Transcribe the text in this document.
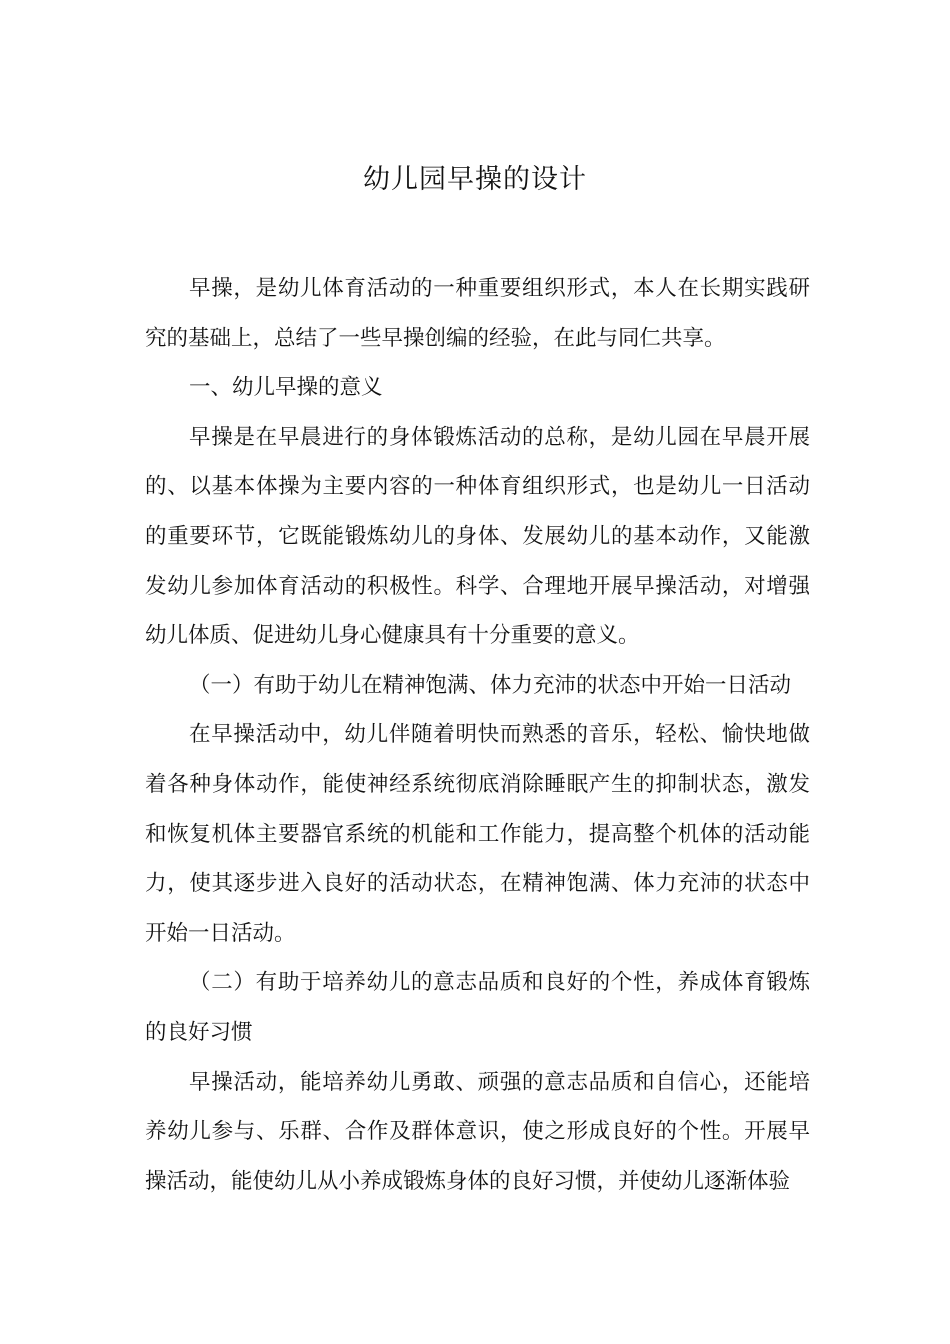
幼儿园早操的设计

早操，是幼儿体育活动的一种重要组织形式，本人在长期实践研究的基础上，总结了一些早操创编的经验，在此与同仁共享。

一、幼儿早操的意义

早操是在早晨进行的身体锻炼活动的总称，是幼儿园在早晨开展的、以基本体操为主要内容的一种体育组织形式，也是幼儿一日活动的重要环节，它既能锻炼幼儿的身体、发展幼儿的基本动作，又能激发幼儿参加体育活动的积极性。科学、合理地开展早操活动，对增强幼儿体质、促进幼儿身心健康具有十分重要的意义。

（一）有助于幼儿在精神饱满、体力充沛的状态中开始一日活动

在早操活动中，幼儿伴随着明快而熟悉的音乐，轻松、愉快地做着各种身体动作，能使神经系统彻底消除睡眠产生的抑制状态，激发和恢复机体主要器官系统的机能和工作能力，提高整个机体的活动能力，使其逐步进入良好的活动状态，在精神饱满、体力充沛的状态中开始一日活动。

（二）有助于培养幼儿的意志品质和良好的个性，养成体育锻炼的良好习惯

早操活动，能培养幼儿勇敢、顽强的意志品质和自信心，还能培养幼儿参与、乐群、合作及群体意识，使之形成良好的个性。开展早操活动，能使幼儿从小养成锻炼身体的良好习惯，并使幼儿逐渐体验
